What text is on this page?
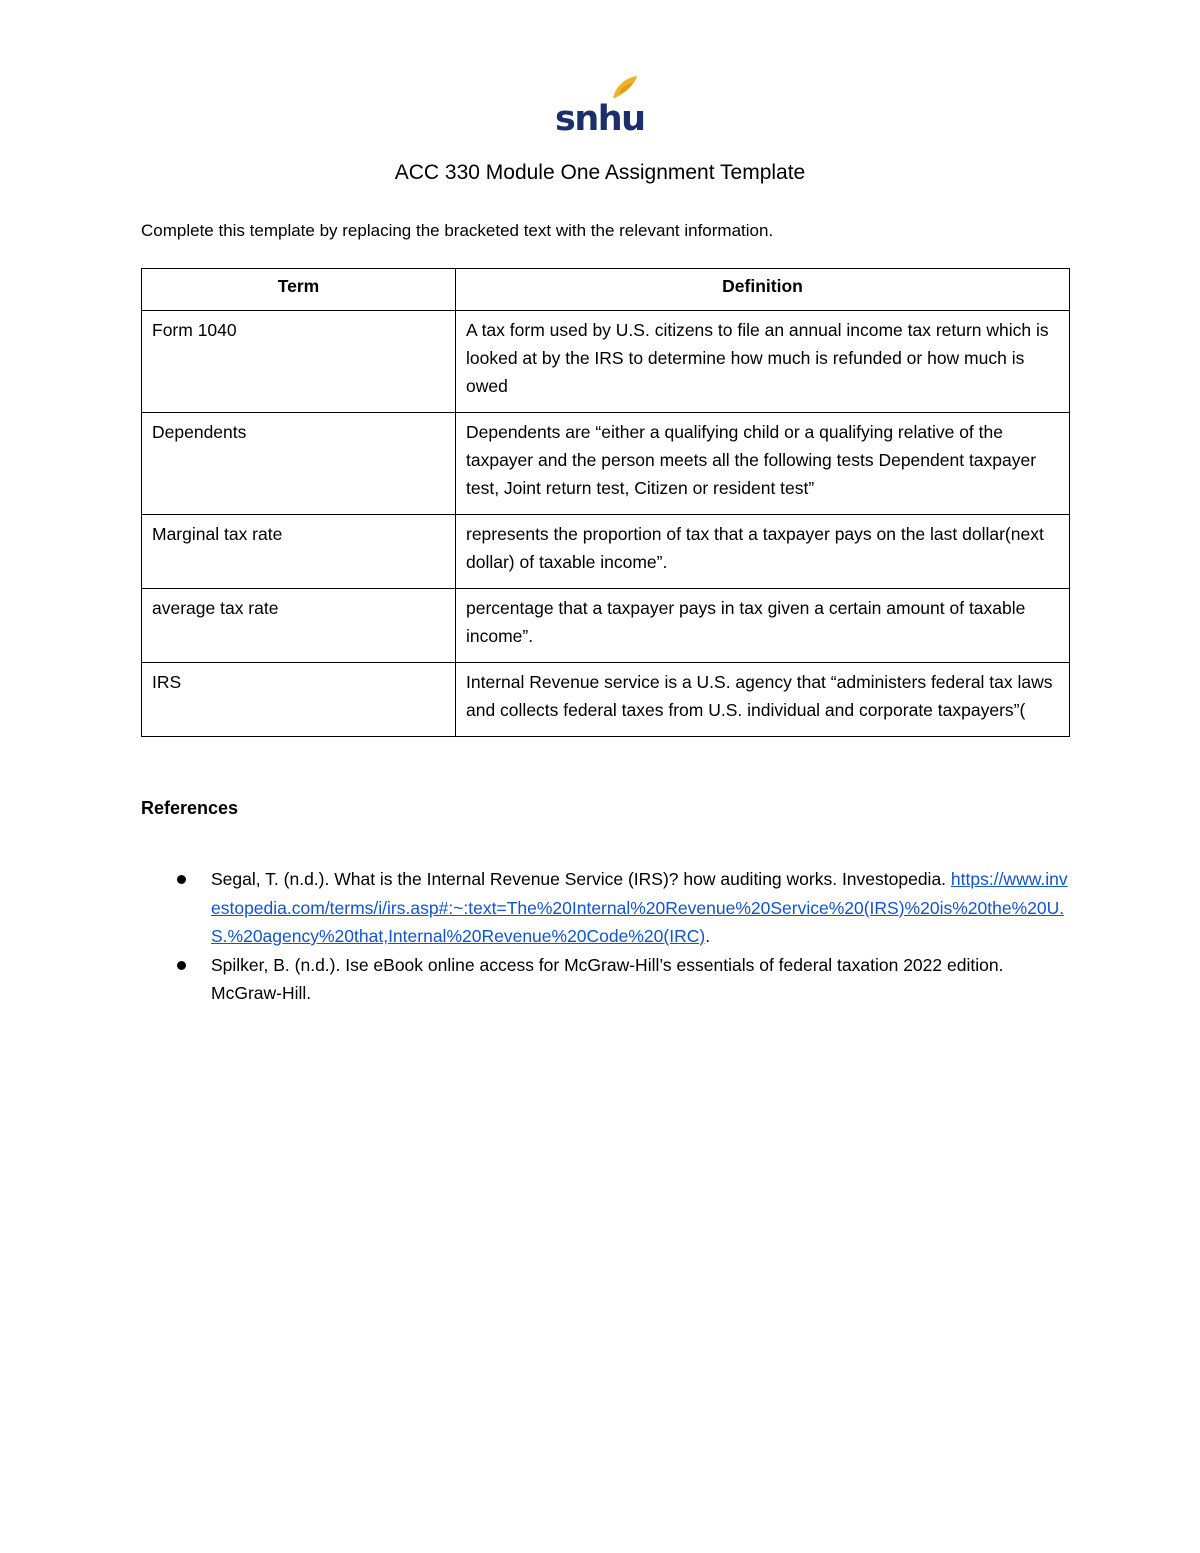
snhu
ACC 330 Module One Assignment Template
Complete this template by replacing the bracketed text with the relevant information.
Term	Definition
Form 1040	A tax form used by U.S. citizens to file an annual income tax return which is looked at by the IRS to determine how much is refunded or how much is owed
Dependents	Dependents are “either a qualifying child or a qualifying relative of the taxpayer and the person meets all the following tests Dependent taxpayer test, Joint return test, Citizen or resident test”
Marginal tax rate	represents the proportion of tax that a taxpayer pays on the last dollar(next dollar) of taxable income”.
average tax rate	percentage that a taxpayer pays in tax given a certain amount of taxable income”.
IRS	Internal Revenue service is a U.S. agency that “administers federal tax laws and collects federal taxes from U.S. individual and corporate taxpayers”(
References
Segal, T. (n.d.). What is the Internal Revenue Service (IRS)? how auditing works. Investopedia. https://www.investopedia.com/terms/i/irs.asp#:~:text=The%20Internal%20Revenue%20Service%20(IRS)%20is%20the%20U.S.%20agency%20that,Internal%20Revenue%20Code%20(IRC).
Spilker, B. (n.d.). Ise eBook online access for McGraw-Hill’s essentials of federal taxation 2022 edition. McGraw-Hill.
